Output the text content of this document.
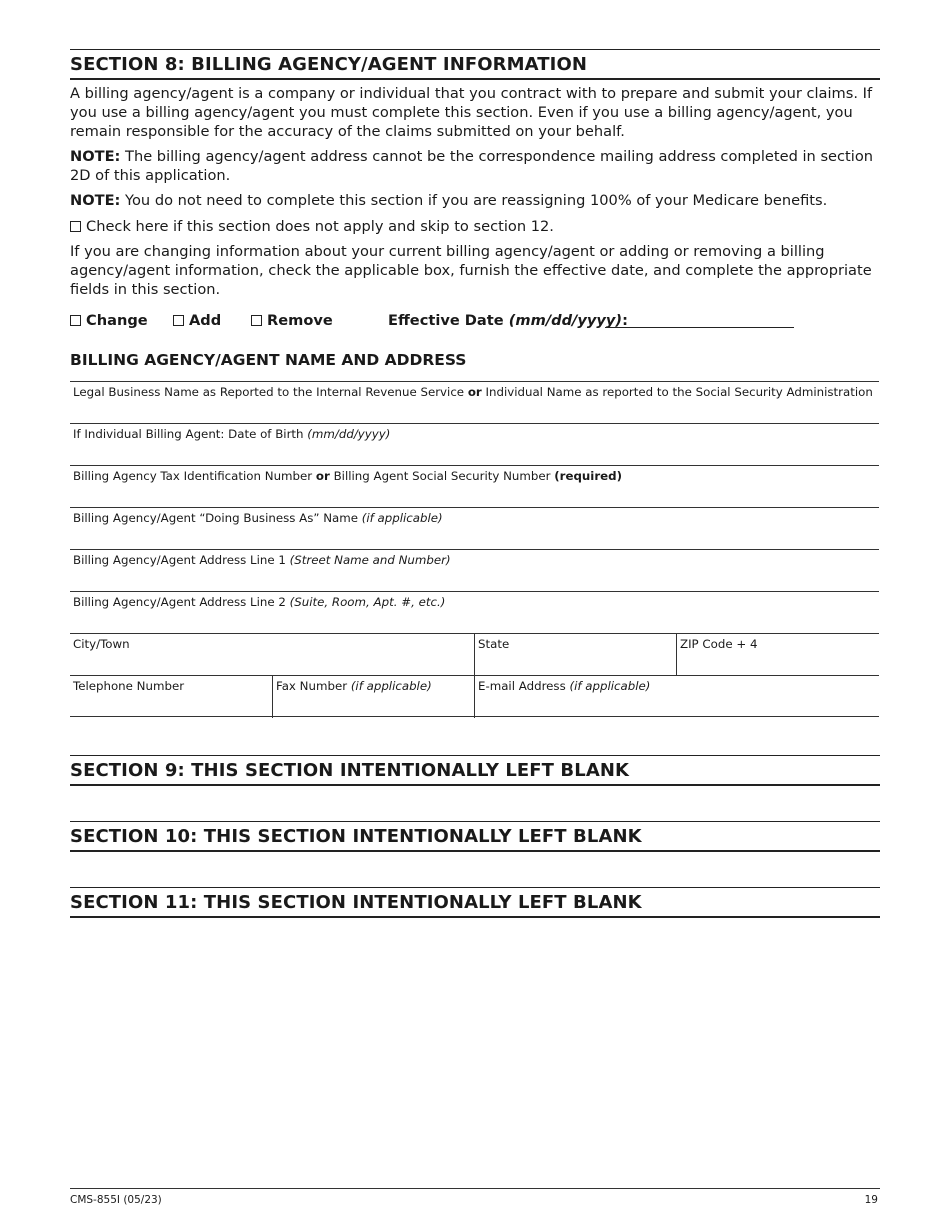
SECTION 8: BILLING AGENCY/AGENT INFORMATION

A billing agency/agent is a company or individual that you contract with to prepare and submit your claims. If you use a billing agency/agent you must complete this section. Even if you use a billing agency/agent, you remain responsible for the accuracy of the claims submitted on your behalf.

NOTE: The billing agency/agent address cannot be the correspondence mailing address completed in section 2D of this application.

NOTE: You do not need to complete this section if you are reassigning 100% of your Medicare benefits.

Check here if this section does not apply and skip to section 12.

If you are changing information about your current billing agency/agent or adding or removing a billing agency/agent information, check the applicable box, furnish the effective date, and complete the appropriate fields in this section.

Change	Add	Remove	Effective Date (mm/dd/yyyy):
BILLING AGENCY/AGENT NAME AND ADDRESS
Legal Business Name as Reported to the Internal Revenue Service or Individual Name as reported to the Social Security Administration
If Individual Billing Agent: Date of Birth (mm/dd/yyyy)
Billing Agency Tax Identification Number or Billing Agent Social Security Number (required)
Billing Agency/Agent “Doing Business As” Name (if applicable)
Billing Agency/Agent Address Line 1 (Street Name and Number)
Billing Agency/Agent Address Line 2 (Suite, Room, Apt. #, etc.)
City/Town	State	ZIP Code + 4
Telephone Number	Fax Number (if applicable)	E-mail Address (if applicable)
SECTION 9: THIS SECTION INTENTIONALLY LEFT BLANK
SECTION 10: THIS SECTION INTENTIONALLY LEFT BLANK
SECTION 11: THIS SECTION INTENTIONALLY LEFT BLANK
CMS-855I (05/23)	19
